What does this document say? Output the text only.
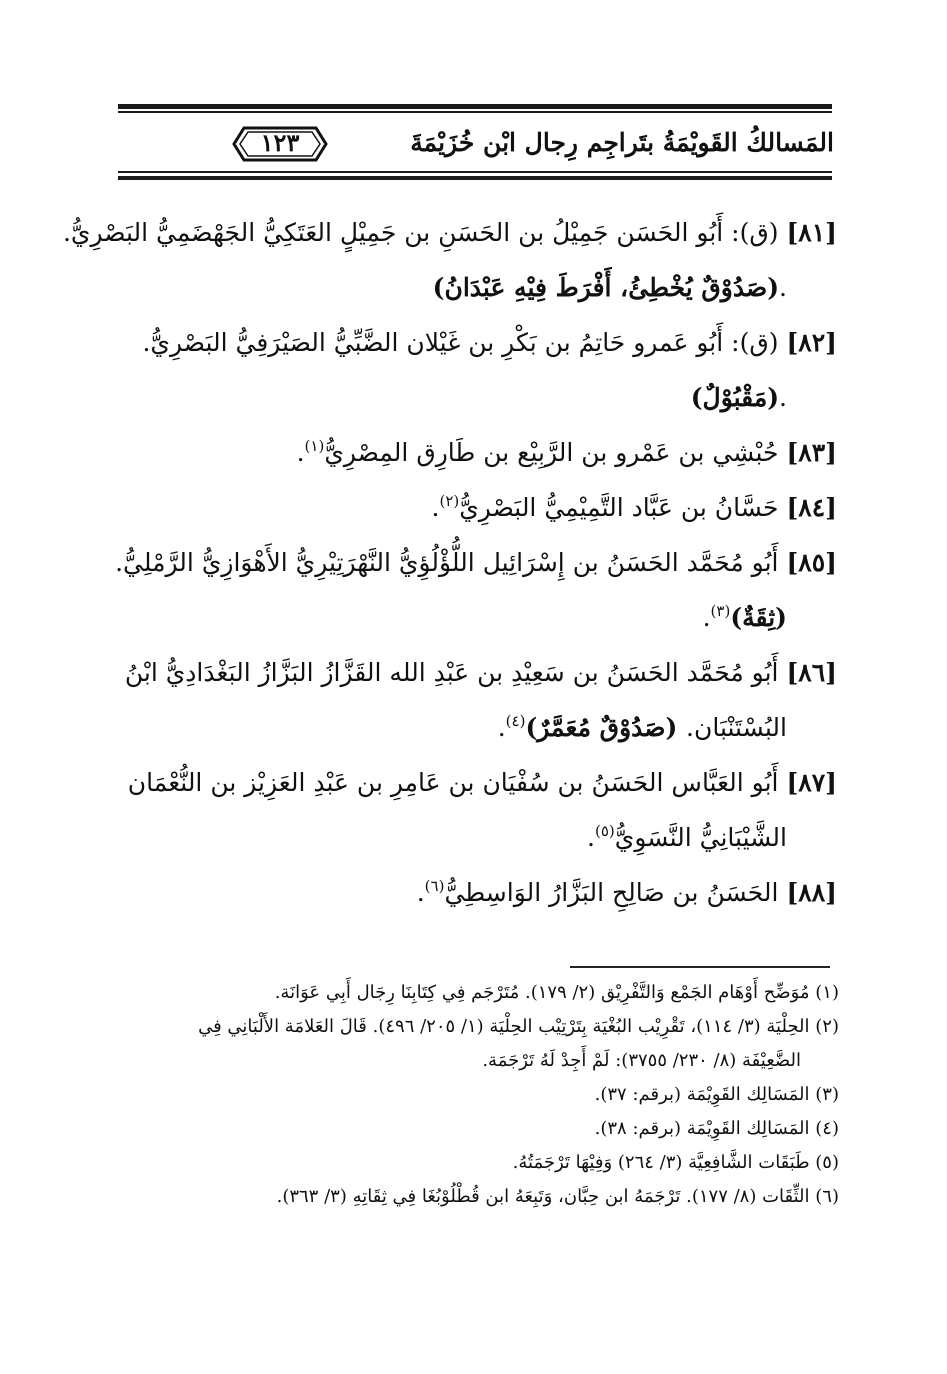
١٢٣	المَسالكُ القَويْمَةُ بتَراجِم رِجال ابْن خُزَيْمَةَ
[٨١] (ق): أَبُو الحَسَن جَمِيْلُ بن الحَسَنِ بن جَمِيْلٍ العَتَكِيُّ الجَهْضَمِيُّ البَصْرِيُّ.
.(صَدُوْقٌ يُخْطِئُ، أَفْرَطَ فِيْهِ عَبْدَانُ)
[٨٢] (ق): أَبُو عَمرو حَاتِمُ بن بَكْرِ بن غَيْلان الضَّبِّيُّ الصَيْرَفِيُّ البَصْرِيُّ.
.(مَقْبُوْلٌ)
[٨٣] حُبْشِي بن عَمْرو بن الرَّبِيْع بن طَارِق المِصْرِيُّ$^{(١)}$.
[٨٤] حَسَّانُ بن عَبَّاد التَّمِيْمِيُّ البَصْرِيُّ$^{(٢)}$.
[٨٥] أَبُو مُحَمَّد الحَسَنُ بن إِسْرَائِيل اللُّؤْلُؤِيُّ النَّهْرَتِيْرِيُّ الأَهْوَازِيُّ الرَّمْلِيُّ.
(ثِقَةٌ)$^{(٣)}$.
[٨٦] أَبُو مُحَمَّد الحَسَنُ بن سَعِيْدِ بن عَبْدِ الله القَزَّازُ البَزَّازُ البَغْدَادِيُّ ابْنُ
البُسْتَنْبَان. (صَدُوْقٌ مُعَمَّرٌ)$^{(٤)}$.
[٨٧] أَبُو العَبَّاس الحَسَنُ بن سُفْيَان بن عَامِرِ بن عَبْدِ العَزِيْز بن النُّعْمَان
الشَّيْبَانِيُّ النَّسَوِيُّ$^{(٥)}$.
[٨٨] الحَسَنُ بن صَالِحِ البَزَّارُ الوَاسِطِيُّ$^{(٦)}$.
(١) مُوَضِّح أَوْهَام الجَمْع وَالتَّفْرِيْق (٢/ ١٧٩). مُتَرْجَم فِي كِتَابِنَا رِجَال أَبِي عَوَانَة.
(٢) الحِلْيَة (٣/ ١١٤)، تَقْرِيْب البُغْيَة بِتَرْتِيْب الحِلْيَة (١/ ٢٠٥/ ٤٩٦). قَالَ العَلامَة الأَلْبَانِي فِي
الضَّعِيْفَة (٨/ ٢٣٠/ ٣٧٥٥): لَمْ أَجِدْ لَهُ تَرْجَمَة.
(٣) المَسَالِك القَوِيْمَة (برقم: ٣٧).
(٤) المَسَالِك القَوِيْمَة (برقم: ٣٨).
(٥) طَبَقَات الشَّافِعِيَّة (٣/ ٢٦٤) وَفِيْهَا تَرْجَمَتُهُ.
(٦) الثِّقَات (٨/ ١٧٧). تَرْجَمَهُ ابن حِبَّان، وَتَبِعَهُ ابن قُطْلُوْبُغَا فِي ثِقَاتِهِ (٣/ ٣٦٣).
